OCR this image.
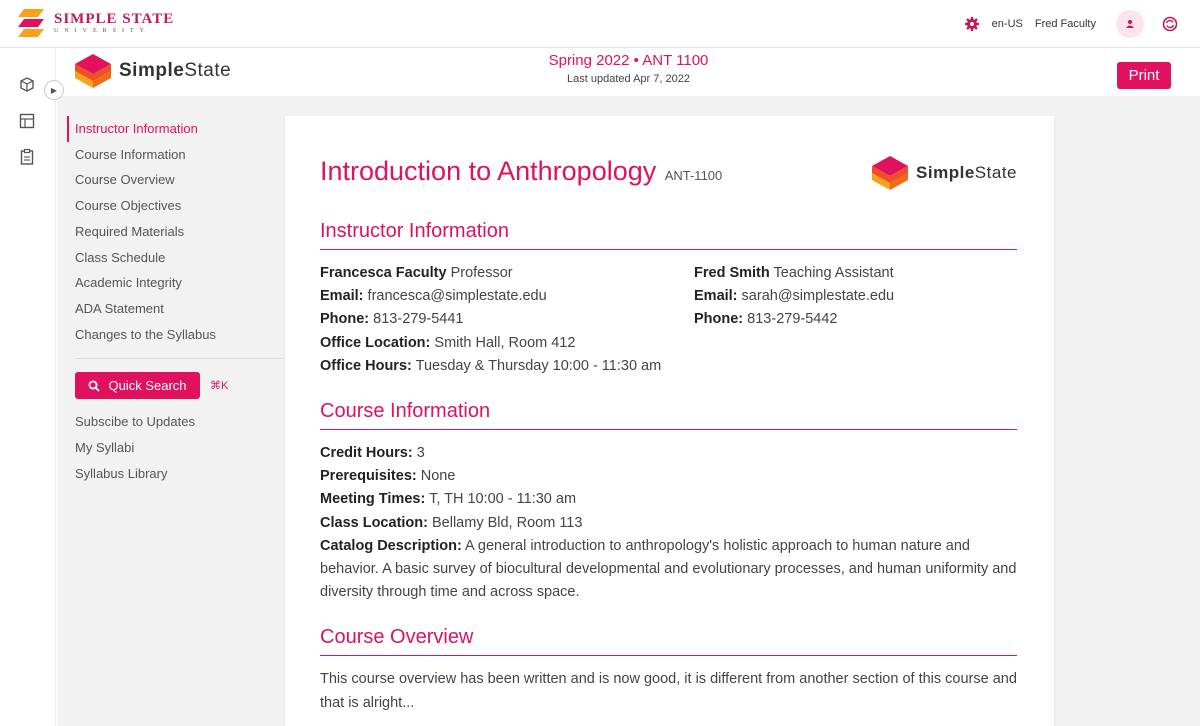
SIMPLE STATE
UNIVERSITY
en-US Fred Faculty
▶
SimpleState	Spring 2022 • ANT 1100
Last updated Apr 7, 2022	Print
Instructor Information
Course Information
Course Overview
Course Objectives
Required Materials
Class Schedule
Academic Integrity
ADA Statement
Changes to the Syllabus
Quick Search ⌘K
Subscibe to Updates
My Syllabi
Syllabus Library
Introduction to Anthropology ANT-1100	SimpleState
Instructor Information
Francesca Faculty Professor
Email: francesca@simplestate.edu
Phone: 813-279-5441
Office Location: Smith Hall, Room 412
Office Hours: Tuesday & Thursday 10:00 - 11:30 am
Fred Smith Teaching Assistant
Email: sarah@simplestate.edu
Phone: 813-279-5442
Course Information
Credit Hours: 3
Prerequisites: None
Meeting Times: T, TH 10:00 - 11:30 am
Class Location: Bellamy Bld, Room 113
Catalog Description: A general introduction to anthropology's holistic approach to human nature and behavior. A basic survey of biocultural developmental and evolutionary processes, and human uniformity and diversity through time and across space.
Course Overview
This course overview has been written and is now good, it is different from another section of this course and that is alright...
